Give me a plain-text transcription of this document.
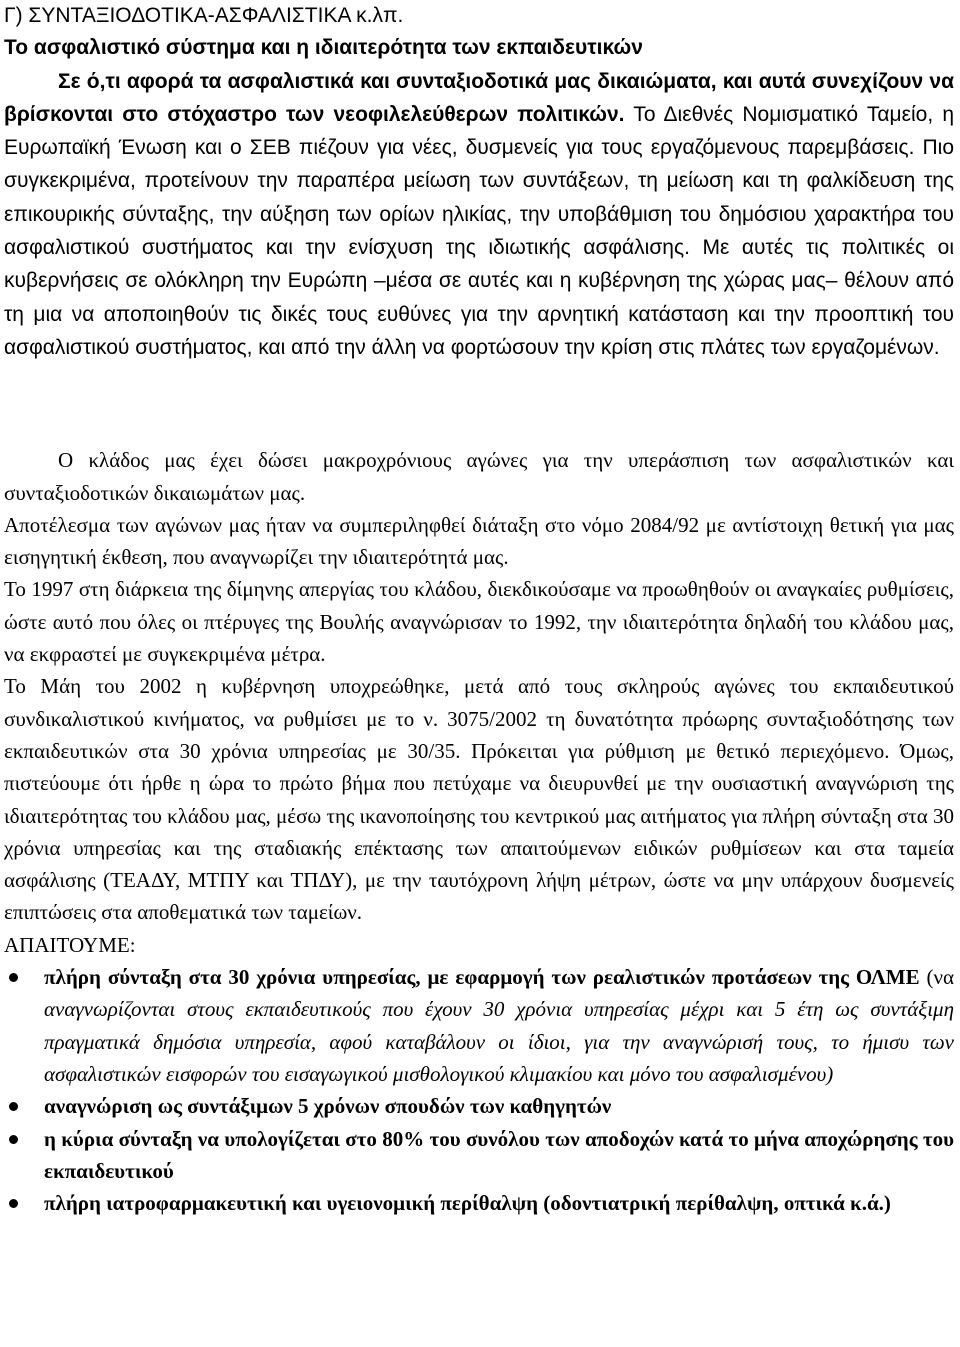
Γ) ΣΥΝΤΑΞΙΟΔΟΤΙΚΑ-ΑΣΦΑΛΙΣΤΙΚΑ κ.λπ.

Το ασφαλιστικό σύστημα και η ιδιαιτερότητα των εκπαιδευτικών

Σε ό,τι αφορά τα ασφαλιστικά και συνταξιοδοτικά μας δικαιώματα, και αυτά συνεχίζουν να βρίσκονται στο στόχαστρο των νεοφιλελεύθερων πολιτικών. Το Διεθνές Νομισματικό Ταμείο, η Ευρωπαϊκή Ένωση και ο ΣΕΒ πιέζουν για νέες, δυσμενείς για τους εργαζόμενους παρεμβάσεις. Πιο συγκεκριμένα, προτείνουν την παραπέρα μείωση των συντάξεων, τη μείωση και τη φαλκίδευση της επικουρικής σύνταξης, την αύξηση των ορίων ηλικίας, την υποβάθμιση του δημόσιου χαρακτήρα του ασφαλιστικού συστήματος και την ενίσχυση της ιδιωτικής ασφάλισης. Με αυτές τις πολιτικές οι κυβερνήσεις σε ολόκληρη την Ευρώπη –μέσα σε αυτές και η κυβέρνηση της χώρας μας– θέλουν από τη μια να αποποιηθούν τις δικές τους ευθύνες για την αρνητική κατάσταση και την προοπτική του ασφαλιστικού συστήματος, και από την άλλη να φορτώσουν την κρίση στις πλάτες των εργαζομένων.

Ο κλάδος μας έχει δώσει μακροχρόνιους αγώνες για την υπεράσπιση των ασφαλιστικών και συνταξιοδοτικών δικαιωμάτων μας.

Αποτέλεσμα των αγώνων μας ήταν να συμπεριληφθεί διάταξη στο νόμο 2084/92 με αντίστοιχη θετική για μας εισηγητική έκθεση, που αναγνωρίζει την ιδιαιτερότητά μας.

Το 1997 στη διάρκεια της δίμηνης απεργίας του κλάδου, διεκδικούσαμε να προωθηθούν οι αναγκαίες ρυθμίσεις, ώστε αυτό που όλες οι πτέρυγες της Βουλής αναγνώρισαν το 1992, την ιδιαιτερότητα δηλαδή του κλάδου μας, να εκφραστεί με συγκεκριμένα μέτρα.

Το Μάη του 2002 η κυβέρνηση υποχρεώθηκε, μετά από τους σκληρούς αγώνες του εκπαιδευτικού συνδικαλιστικού κινήματος, να ρυθμίσει με το ν. 3075/2002 τη δυνατότητα πρόωρης συνταξιοδότησης των εκπαιδευτικών στα 30 χρόνια υπηρεσίας με 30/35. Πρόκειται για ρύθμιση με θετικό περιεχόμενο. Όμως, πιστεύουμε ότι ήρθε η ώρα το πρώτο βήμα που πετύχαμε να διευρυνθεί με την ουσιαστική αναγνώριση της ιδιαιτερότητας του κλάδου μας, μέσω της ικανοποίησης του κεντρικού μας αιτήματος για πλήρη σύνταξη στα 30 χρόνια υπηρεσίας και της σταδιακής επέκτασης των απαιτούμενων ειδικών ρυθμίσεων και στα ταμεία ασφάλισης (ΤΕΑΔΥ, ΜΤΠΥ και ΤΠΔΥ), με την ταυτόχρονη λήψη μέτρων, ώστε να μην υπάρχουν δυσμενείς επιπτώσεις στα αποθεματικά των ταμείων.

ΑΠΑΙΤΟΥΜΕ:

πλήρη σύνταξη στα 30 χρόνια υπηρεσίας, με εφαρμογή των ρεαλιστικών προτάσεων της ΟΛΜΕ (να αναγνωρίζονται στους εκπαιδευτικούς που έχουν 30 χρόνια υπηρεσίας μέχρι και 5 έτη ως συντάξιμη πραγματικά δημόσια υπηρεσία, αφού καταβάλουν οι ίδιοι, για την αναγνώρισή τους, το ήμισυ των ασφαλιστικών εισφορών του εισαγωγικού μισθολογικού κλιμακίου και μόνο του ασφαλισμένου)
αναγνώριση ως συντάξιμων 5 χρόνων σπουδών των καθηγητών
η κύρια σύνταξη να υπολογίζεται στο 80% του συνόλου των αποδοχών κατά το μήνα αποχώρησης του εκπαιδευτικού
πλήρη ιατροφαρμακευτική και υγειονομική περίθαλψη (οδοντιατρική περίθαλψη, οπτικά κ.ά.)
